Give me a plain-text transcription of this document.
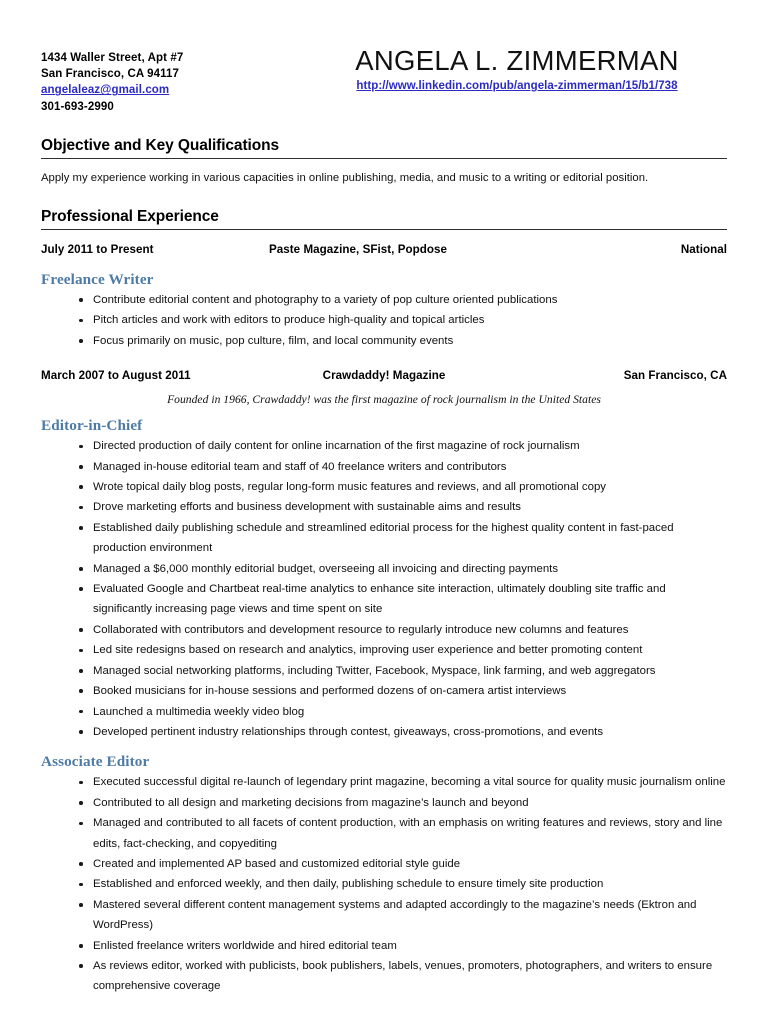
1434 Waller Street, Apt #7
San Francisco, CA 94117
angelaleaz@gmail.com
301-693-2990
ANGELA L. ZIMMERMAN
http://www.linkedin.com/pub/angela-zimmerman/15/b1/738
Objective and Key Qualifications
Apply my experience working in various capacities in online publishing, media, and music to a writing or editorial position.
Professional Experience
July 2011 to Present	Paste Magazine, SFist, Popdose	National
Freelance Writer
Contribute editorial content and photography to a variety of pop culture oriented publications
Pitch articles and work with editors to produce high-quality and topical articles
Focus primarily on music, pop culture, film, and local community events
March 2007 to August 2011	Crawdaddy! Magazine	San Francisco, CA
Founded in 1966, Crawdaddy! was the first magazine of rock journalism in the United States
Editor-in-Chief
Directed production of daily content for online incarnation of the first magazine of rock journalism
Managed in-house editorial team and staff of 40 freelance writers and contributors
Wrote topical daily blog posts, regular long-form music features and reviews, and all promotional copy
Drove marketing efforts and business development with sustainable aims and results
Established daily publishing schedule and streamlined editorial process for the highest quality content in fast-paced production environment
Managed a $6,000 monthly editorial budget, overseeing all invoicing and directing payments
Evaluated Google and Chartbeat real-time analytics to enhance site interaction, ultimately doubling site traffic and significantly increasing page views and time spent on site
Collaborated with contributors and development resource to regularly introduce new columns and features
Led site redesigns based on research and analytics, improving user experience and better promoting content
Managed social networking platforms, including Twitter, Facebook, Myspace, link farming, and web aggregators
Booked musicians for in-house sessions and performed dozens of on-camera artist interviews
Launched a multimedia weekly video blog
Developed pertinent industry relationships through contest, giveaways, cross-promotions, and events
Associate Editor
Executed successful digital re-launch of legendary print magazine, becoming a vital source for quality music journalism online
Contributed to all design and marketing decisions from magazine’s launch and beyond
Managed and contributed to all facets of content production, with an emphasis on writing features and reviews, story and line edits, fact-checking, and copyediting
Created and implemented AP based and customized editorial style guide
Established and enforced weekly, and then daily, publishing schedule to ensure timely site production
Mastered several different content management systems and adapted accordingly to the magazine’s needs (Ektron and WordPress)
Enlisted freelance writers worldwide and hired editorial team
As reviews editor, worked with publicists, book publishers, labels, venues, promoters, photographers, and writers to ensure comprehensive coverage
